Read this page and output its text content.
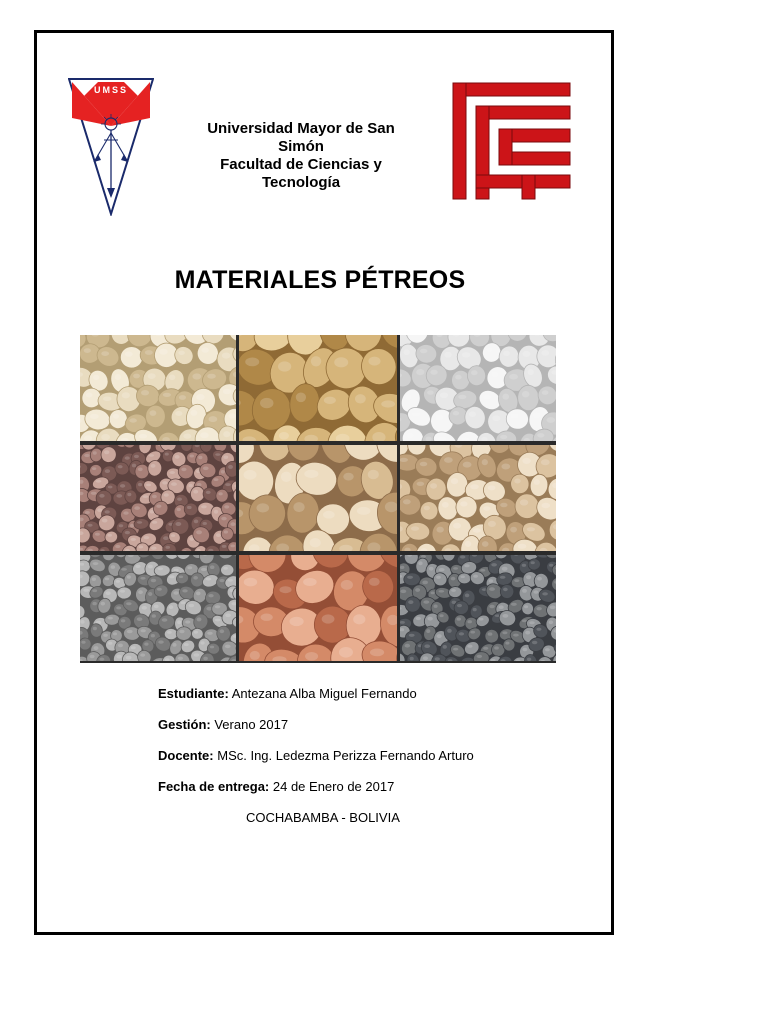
UMSS
Universidad Mayor de San
Simón
Facultad de Ciencias y
Tecnología
MATERIALES PÉTREOS
Estudiante: Antezana Alba Miguel Fernando
Gestión: Verano 2017
Docente: MSc. Ing. Ledezma Perizza Fernando Arturo
Fecha de entrega: 24 de Enero de 2017
COCHABAMBA - BOLIVIA
